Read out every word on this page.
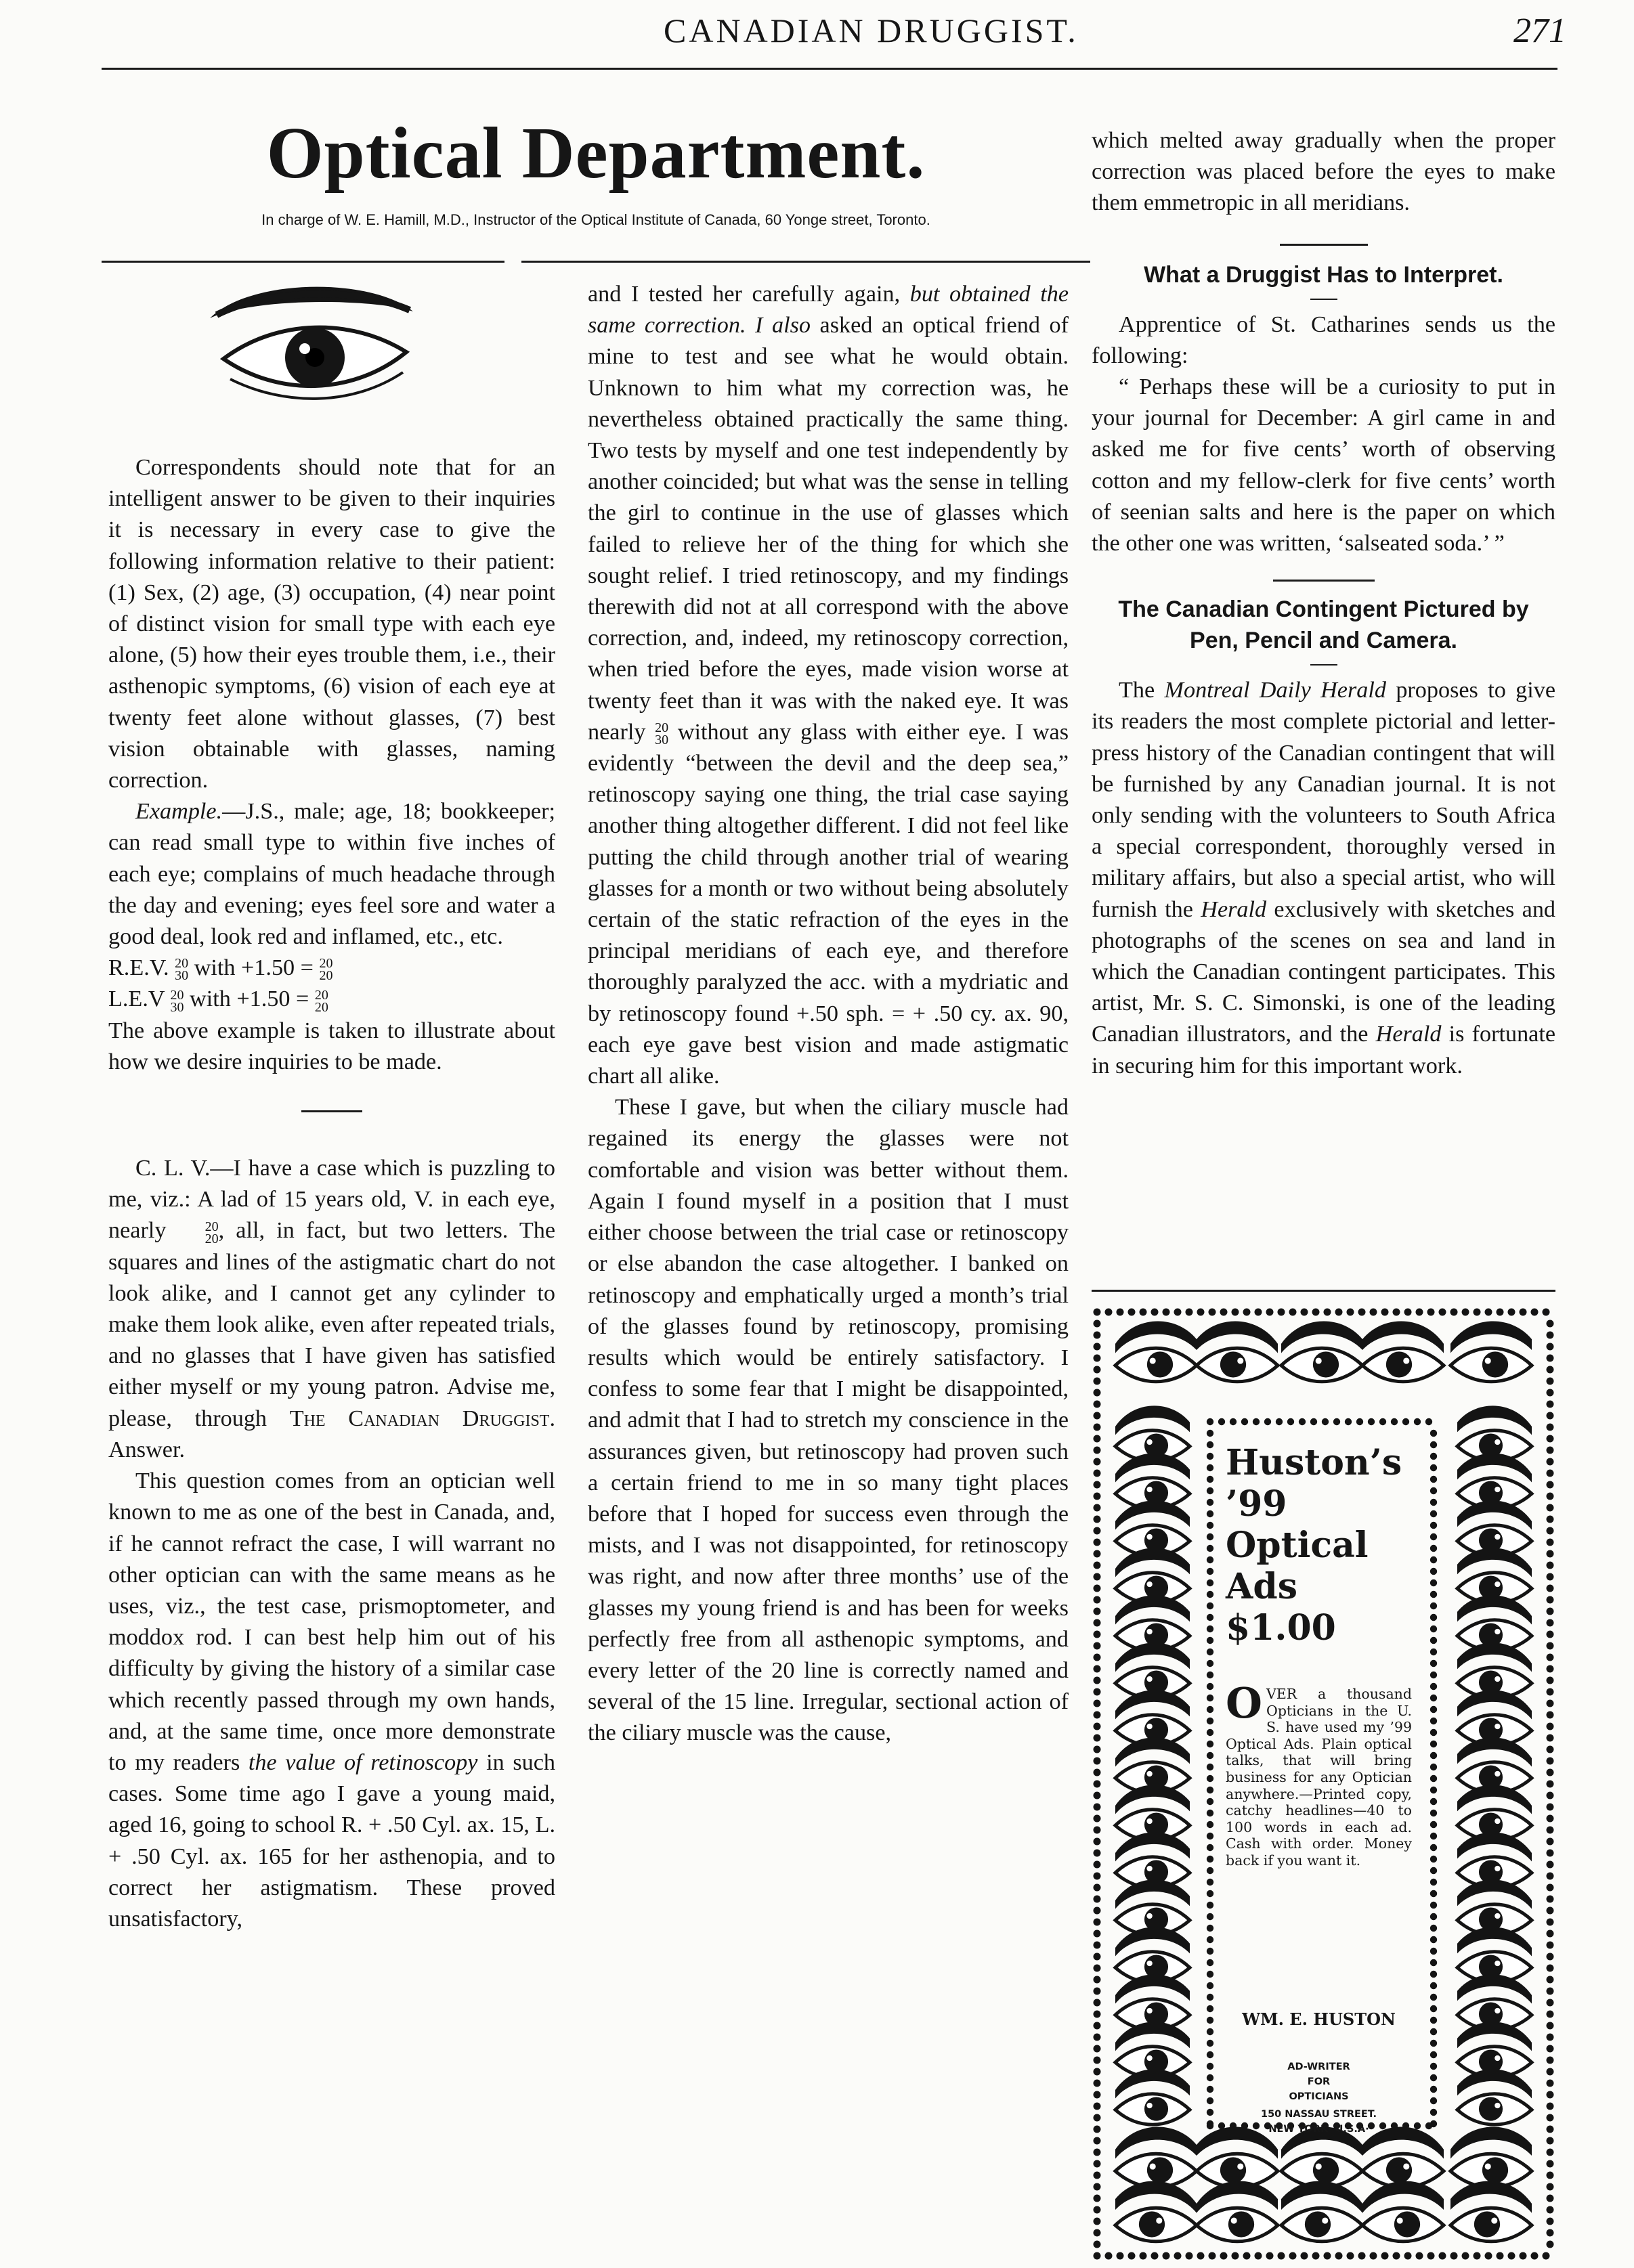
CANADIAN DRUGGIST.	271
Optical Department.
In charge of W. E. Hamill, M.D., Instructor of the Optical Institute of Canada, 60 Yonge street, Toronto.

Correspondents should note that for an intelligent answer to be given to their inquiries it is necessary in every case to give the following information relative to their patient: (1) Sex, (2) age, (3) occupation, (4) near point of distinct vision for small type with each eye alone, (5) how their eyes trouble them, i.e., their asthenopic symptoms, (6) vision of each eye at twenty feet alone without glasses, (7) best vision obtainable with glasses, naming correction.

Example.—J.S., male; age, 18; bookkeeper; can read small type to within five inches of each eye; complains of much headache through the day and evening; eyes feel sore and water a good deal, look red and inflamed, etc., etc.

R.E.V. 20
30 with +1.50 = 20
20

L.E.V 20
30 with +1.50 = 20
20

The above example is taken to illustrate about how we desire inquiries to be made.

C. L. V.—I have a case which is puzzling to me, viz.: A lad of 15 years old, V. in each eye, nearly	20
20 , all, in fact, but two letters. The squares and lines of the astigmatic chart do not look alike, and I cannot get any cylinder to make them look alike, even after repeated trials, and no glasses that I have given has satisfied either myself or my young patron. Advise me, please, through The Canadian Druggist. Answer.

This question comes from an optician well known to me as one of the best in Canada, and, if he cannot refract the case, I will warrant no other optician can with the same means as he uses, viz., the test case, prismoptometer, and moddox rod. I can best help him out of his difficulty by giving the history of a similar case which recently passed through my own hands, and, at the same time, once more demonstrate to my readers the value of retinoscopy in such cases. Some time ago I gave a young maid, aged 16, going to school R. + .50 Cyl. ax. 15, L. + .50 Cyl. ax. 165 for her asthenopia, and to correct her astigmatism. These proved unsatisfactory,

and I tested her carefully again, but obtained the same correction. I also asked an optical friend of mine to test and see what he would obtain. Unknown to him what my correction was, he nevertheless obtained practically the same thing. Two tests by myself and one test independently by another coincided; but what was the sense in telling the girl to continue in the use of glasses which failed to relieve her of the thing for which she sought relief. I tried retinoscopy, and my findings therewith did not at all correspond with the above correction, and, indeed, my retinoscopy correction, when tried before the eyes, made vision worse at twenty feet than it was with the naked eye. It was nearly 20
30 without any glass with either eye. I was evidently “between the devil and the deep sea,” retinoscopy saying one thing, the trial case saying another thing altogether different. I did not feel like putting the child through another trial of wearing glasses for a month or two without being absolutely certain of the static refraction of the eyes in the principal meridians of each eye, and therefore thoroughly paralyzed the acc. with a mydriatic and by retinoscopy found +.50 sph. = + .50 cy. ax. 90, each eye gave best vision and made astigmatic chart all alike.

These I gave, but when the ciliary muscle had regained its energy the glasses were not comfortable and vision was better without them. Again I found myself in a position that I must either choose between the trial case or retinoscopy or else abandon the case altogether. I banked on retinoscopy and emphatically urged a month’s trial of the glasses found by retinoscopy, promising results which would be entirely satisfactory. I confess to some fear that I might be disappointed, and admit that I had to stretch my conscience in the assurances given, but retinoscopy had proven such a certain friend to me in so many tight places before that I hoped for success even through the mists, and I was not disappointed, for retinoscopy was right, and now after three months’ use of the glasses my young friend is and has been for weeks perfectly free from all asthenopic symptoms, and every letter of the 20 line is correctly named and several of the 15 line. Irregular, sectional action of the ciliary muscle was the cause,

which melted away gradually when the proper correction was placed before the eyes to make them emmetropic in all meridians.

What a Druggist Has to Interpret.

Apprentice of St. Catharines sends us the following:

“ Perhaps these will be a curiosity to put in your journal for December: A girl came in and asked me for five cents’ worth of observing cotton and my fellow-clerk for five cents’ worth of seenian salts and here is the paper on which the other one was written, ‘salseated soda.’ ”

The Canadian Contingent Pictured by Pen, Pencil and Camera.

The Montreal Daily Herald proposes to give its readers the most complete pictorial and letter-press history of the Canadian contingent that will be furnished by any Canadian journal. It is not only sending with the volunteers to South Africa a special correspondent, thoroughly versed in military affairs, but also a special artist, who will furnish the Herald exclusively with sketches and photographs of the scenes on sea and land in which the Canadian contingent participates. This artist, Mr. S. C. Simonski, is one of the leading Canadian illustrators, and the Herald is fortunate in securing him for this important work.

Huston’s
’99
Optical
Ads
$1.00
OVER a thousand Opticians in the U. S. have used my ’99 Optical Ads. Plain optical talks, that will bring business for any Optician anywhere.—Printed copy, catchy headlines—40 to 100 words in each ad. Cash with order. Money back if you want it.
WM. E. HUSTON
AD-WRITER
FOR
OPTICIANS
150 NASSAU STREET.
NEW YORK· U.S.A·
